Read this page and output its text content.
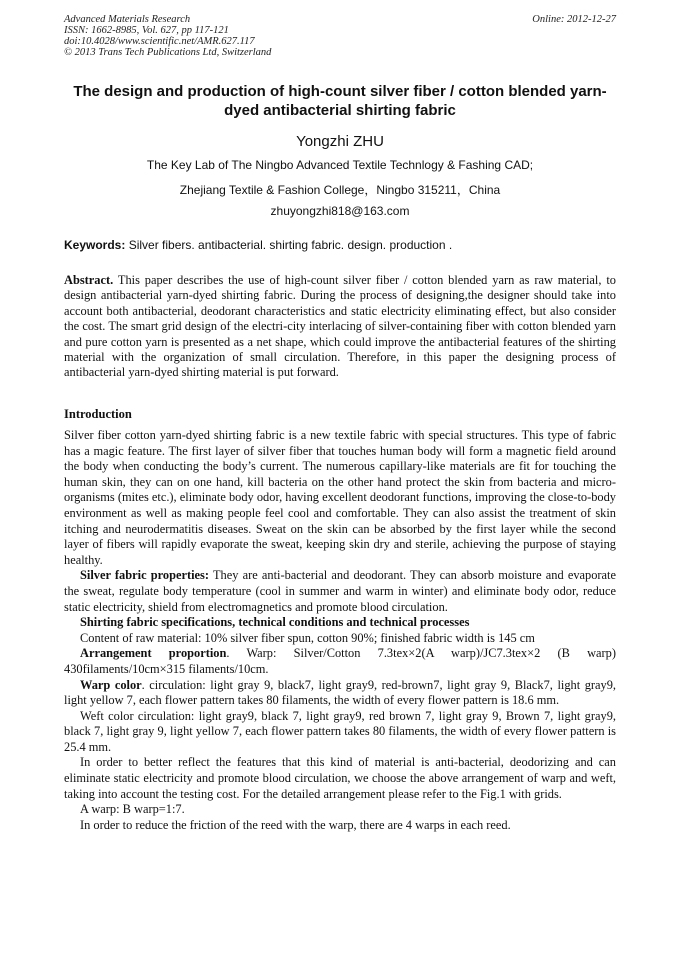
Advanced Materials Research
ISSN: 1662-8985, Vol. 627, pp 117-121
doi:10.4028/www.scientific.net/AMR.627.117
© 2013 Trans Tech Publications Ltd, Switzerland
Online: 2012-12-27
The design and production of high-count silver fiber / cotton blended yarn-dyed antibacterial shirting fabric
Yongzhi ZHU
The Key Lab of The Ningbo Advanced Textile Technlogy & Fashing CAD;
Zhejiang Textile & Fashion College，Ningbo 315211，China
zhuyongzhi818@163.com
Keywords: Silver fibers. antibacterial. shirting fabric. design. production .
Abstract. This paper describes the use of high-count silver fiber / cotton blended yarn as raw material, to design antibacterial yarn-dyed shirting fabric. During the process of designing,the designer should take into account both antibacterial, deodorant characteristics and static electricity eliminating effect, but also consider the cost. The smart grid design of the electri-city interlacing of silver-containing fiber with cotton blended yarn and pure cotton yarn is presented as a net shape, which could improve the antibacterial features of the shirting material with the organization of small circulation. Therefore, in this paper the designing process of antibacterial yarn-dyed shirting material is put forward.
Introduction

Silver fiber cotton yarn-dyed shirting fabric is a new textile fabric with special structures. This type of fabric has a magic feature. The first layer of silver fiber that touches human body will form a magnetic field around the body when conducting the body’s current. The numerous capillary-like materials are fit for touching the human skin, they can on one hand, kill bacteria on the other hand protect the skin from bacteria and micro-organisms (mites etc.), eliminate body odor, having excellent deodorant functions, improving the close-to-body environment as well as making people feel cool and comfortable. They can also assist the treatment of skin itching and neurodermatitis diseases. Sweat on the skin can be absorbed by the first layer while the second layer of fibers will rapidly evaporate the sweat, keeping skin dry and sterile, achieving the purpose of staying healthy.

Silver fabric properties: They are anti-bacterial and deodorant. They can absorb moisture and evaporate the sweat, regulate body temperature (cool in summer and warm in winter) and eliminate body odor, reduce static electricity, shield from electromagnetics and promote blood circulation.

Shirting fabric specifications, technical conditions and technical processes

Content of raw material: 10% silver fiber spun, cotton 90%; finished fabric width is 145 cm

Arrangement proportion. Warp: Silver/Cotton 7.3tex×2(A warp)/JC7.3tex×2 (B warp) 430filaments/10cm×315 filaments/10cm.

Warp color. circulation: light gray 9, black7, light gray9, red-brown7, light gray 9, Black7, light gray9, light yellow 7, each flower pattern takes 80 filaments, the width of every flower pattern is 18.6 mm.

Weft color circulation: light gray9, black 7, light gray9, red brown 7, light gray 9, Brown 7, light gray9, black 7, light gray 9, light yellow 7, each flower pattern takes 80 filaments, the width of every flower pattern is 25.4 mm.

In order to better reflect the features that this kind of material is anti-bacterial, deodorizing and can eliminate static electricity and promote blood circulation, we choose the above arrangement of warp and weft, taking into account the testing cost. For the detailed arrangement please refer to the Fig.1 with grids.

A warp: B warp=1:7.

In order to reduce the friction of the reed with the warp, there are 4 warps in each reed.
